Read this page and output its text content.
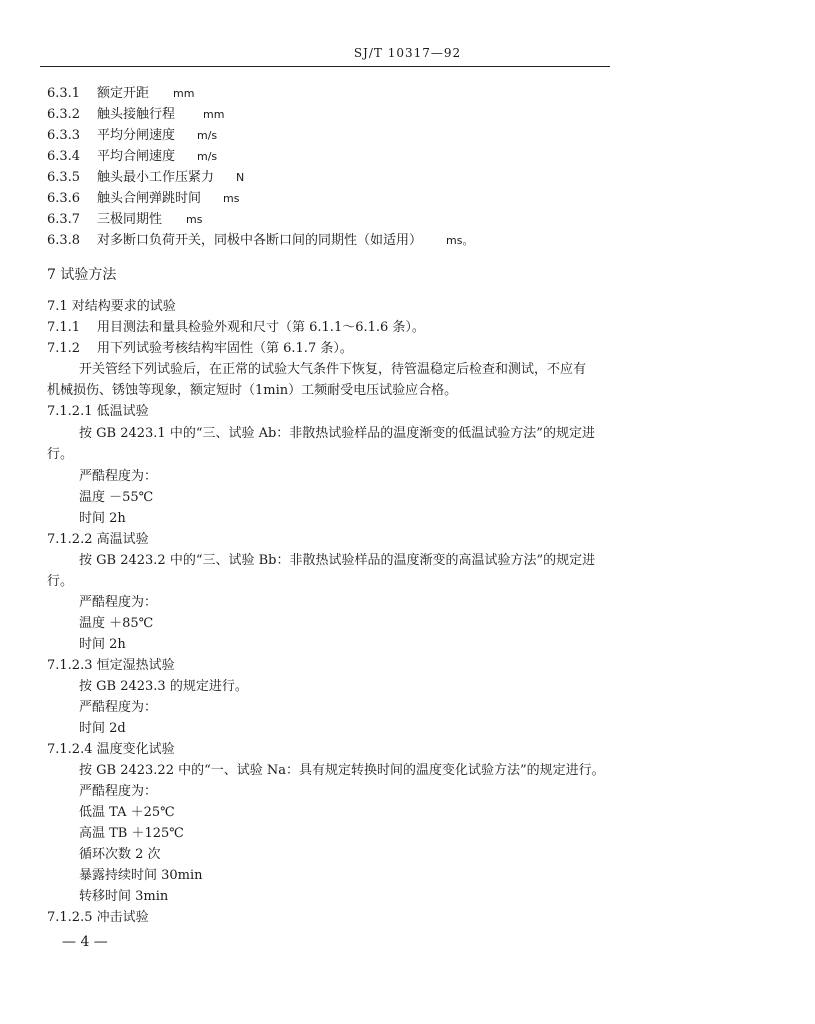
SJ/T 10317—92
6.3.1 额定开距 mm
6.3.2 触头接触行程	mm
6.3.3 平均分闸速度 m/s
6.3.4 平均合闸速度 m/s
6.3.5 触头最小工作压紧力 N
6.3.6 触头合闸弹跳时间 ms
6.3.7 三极同期性 ms
6.3.8 对多断口负荷开关，同极中各断口间的同期性（如适用） ms。
7 试验方法
7.1 对结构要求的试验
7.1.1 用目测法和量具检验外观和尺寸（第 6.1.1～6.1.6 条）。
7.1.2 用下列试验考核结构牢固性（第 6.1.7 条）。
开关管经下列试验后，在正常的试验大气条件下恢复，待管温稳定后检查和测试，不应有
机械损伤、锈蚀等现象，额定短时（1min）工频耐受电压试验应合格。
7.1.2.1 低温试验
按 GB 2423.1 中的“三、试验 Ab：非散热试验样品的温度渐变的低温试验方法”的规定进
行。
严酷程度为：
温度 －55℃
时间 2h
7.1.2.2 高温试验
按 GB 2423.2 中的“三、试验 Bb：非散热试验样品的温度渐变的高温试验方法”的规定进
行。
严酷程度为：
温度 ＋85℃
时间 2h
7.1.2.3 恒定湿热试验
按 GB 2423.3 的规定进行。
严酷程度为：
时间 2d
7.1.2.4 温度变化试验
按 GB 2423.22 中的“一、试验 Na：具有规定转换时间的温度变化试验方法”的规定进行。
严酷程度为：
低温 TA ＋25℃
高温 TB ＋125℃
循环次数 2 次
暴露持续时间 30min
转移时间 3min
7.1.2.5 冲击试验
— 4 —
